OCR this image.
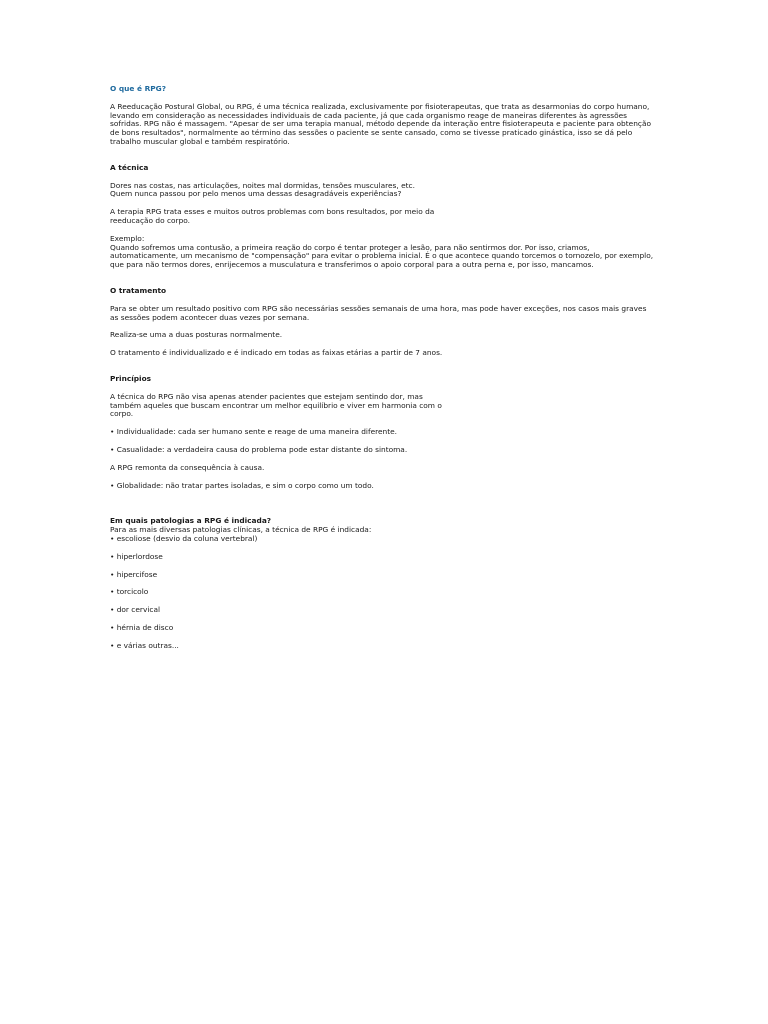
O que é RPG?

A Reeducação Postural Global, ou RPG, é uma técnica realizada, exclusivamente por fisioterapeutas, que trata as desarmonias do corpo humano, levando em consideração as necessidades individuais de cada paciente, já que cada organismo reage de maneiras diferentes às agressões sofridas. RPG não é massagem. "Apesar de ser uma terapia manual, método depende da interação entre fisioterapeuta e paciente para obtenção de bons resultados", normalmente ao término das sessões o paciente se sente cansado, como se tivesse praticado ginástica, isso se dá pelo trabalho muscular global e também respiratório.

A técnica

Dores nas costas, nas articulações, noites mal dormidas, tensões musculares, etc.
Quem nunca passou por pelo menos uma dessas desagradáveis experiências?

A terapia RPG trata esses e muitos outros problemas com bons resultados, por meio da
reeducação do corpo.

Exemplo:
Quando sofremos uma contusão, a primeira reação do corpo é tentar proteger a lesão, para não sentirmos dor. Por isso, criamos, automaticamente, um mecanismo de "compensação" para evitar o problema inicial. É o que acontece quando torcemos o tornozelo, por exemplo, que para não termos dores, enrijecemos a musculatura e transferimos o apoio corporal para a outra perna e, por isso, mancamos.

O tratamento

Para se obter um resultado positivo com RPG são necessárias sessões semanais de uma hora, mas pode haver exceções, nos casos mais graves as sessões podem acontecer duas vezes por semana.

Realiza-se uma a duas posturas normalmente.

O tratamento é individualizado e é indicado em todas as faixas etárias a partir de 7 anos.

Princípios

A técnica do RPG não visa apenas atender pacientes que estejam sentindo dor, mas
também aqueles que buscam encontrar um melhor equilíbrio e viver em harmonia com o
corpo.

• Individualidade: cada ser humano sente e reage de uma maneira diferente.
• Casualidade: a verdadeira causa do problema pode estar distante do sintoma.
A RPG remonta da consequência à causa.
• Globalidade: não tratar partes isoladas, e sim o corpo como um todo.
Em quais patologias a RPG é indicada?

Para as mais diversas patologias clínicas, a técnica de RPG é indicada:

• escoliose (desvio da coluna vertebral)
• hiperlordose
• hipercifose
• torcicolo
• dor cervical
• hérnia de disco
• e várias outras...
